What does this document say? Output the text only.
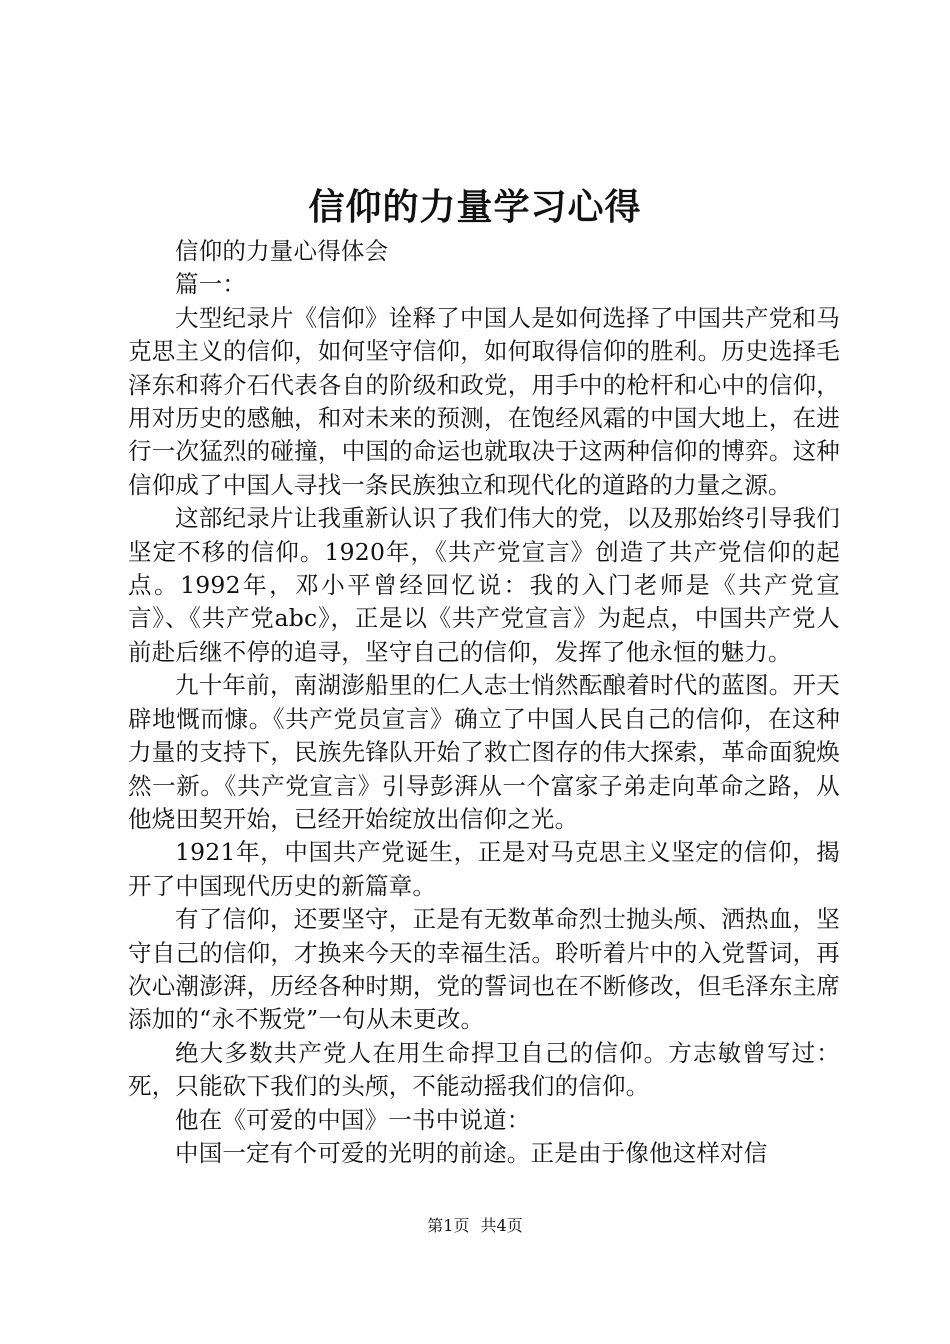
信仰的力量学习心得

信仰的力量心得体会

篇一：

大型纪录片《信仰》诠释了中国人是如何选择了中国共产党和马克思主义的信仰，如何坚守信仰，如何取得信仰的胜利。历史选择毛泽东和蒋介石代表各自的阶级和政党，用手中的枪杆和心中的信仰，用对历史的感触，和对未来的预测，在饱经风霜的中国大地上，在进行一次猛烈的碰撞，中国的命运也就取决于这两种信仰的博弈。这种信仰成了中国人寻找一条民族独立和现代化的道路的力量之源。

这部纪录片让我重新认识了我们伟大的党，以及那始终引导我们坚定不移的信仰。1920年，《共产党宣言》创造了共产党信仰的起点。1992年，邓小平曾经回忆说：我的入门老师是《共产党宣言》、《共产党abc》，正是以《共产党宣言》为起点，中国共产党人前赴后继不停的追寻，坚守自己的信仰，发挥了他永恒的魅力。

九十年前，南湖澎船里的仁人志士悄然酝酿着时代的蓝图。开天辟地慨而慷。《共产党员宣言》确立了中国人民自己的信仰，在这种力量的支持下，民族先锋队开始了救亡图存的伟大探索，革命面貌焕然一新。《共产党宣言》引导彭湃从一个富家子弟走向革命之路，从他烧田契开始，已经开始绽放出信仰之光。

1921年，中国共产党诞生，正是对马克思主义坚定的信仰，揭开了中国现代历史的新篇章。

有了信仰，还要坚守，正是有无数革命烈士抛头颅、洒热血，坚守自己的信仰，才换来今天的幸福生活。聆听着片中的入党誓词，再次心潮澎湃，历经各种时期，党的誓词也在不断修改，但毛泽东主席添加的“永不叛党”一句从未更改。

绝大多数共产党人在用生命捍卫自己的信仰。方志敏曾写过：死，只能砍下我们的头颅，不能动摇我们的信仰。

他在《可爱的中国》一书中说道：

中国一定有个可爱的光明的前途。正是由于像他这样对信

第1页 共4页
